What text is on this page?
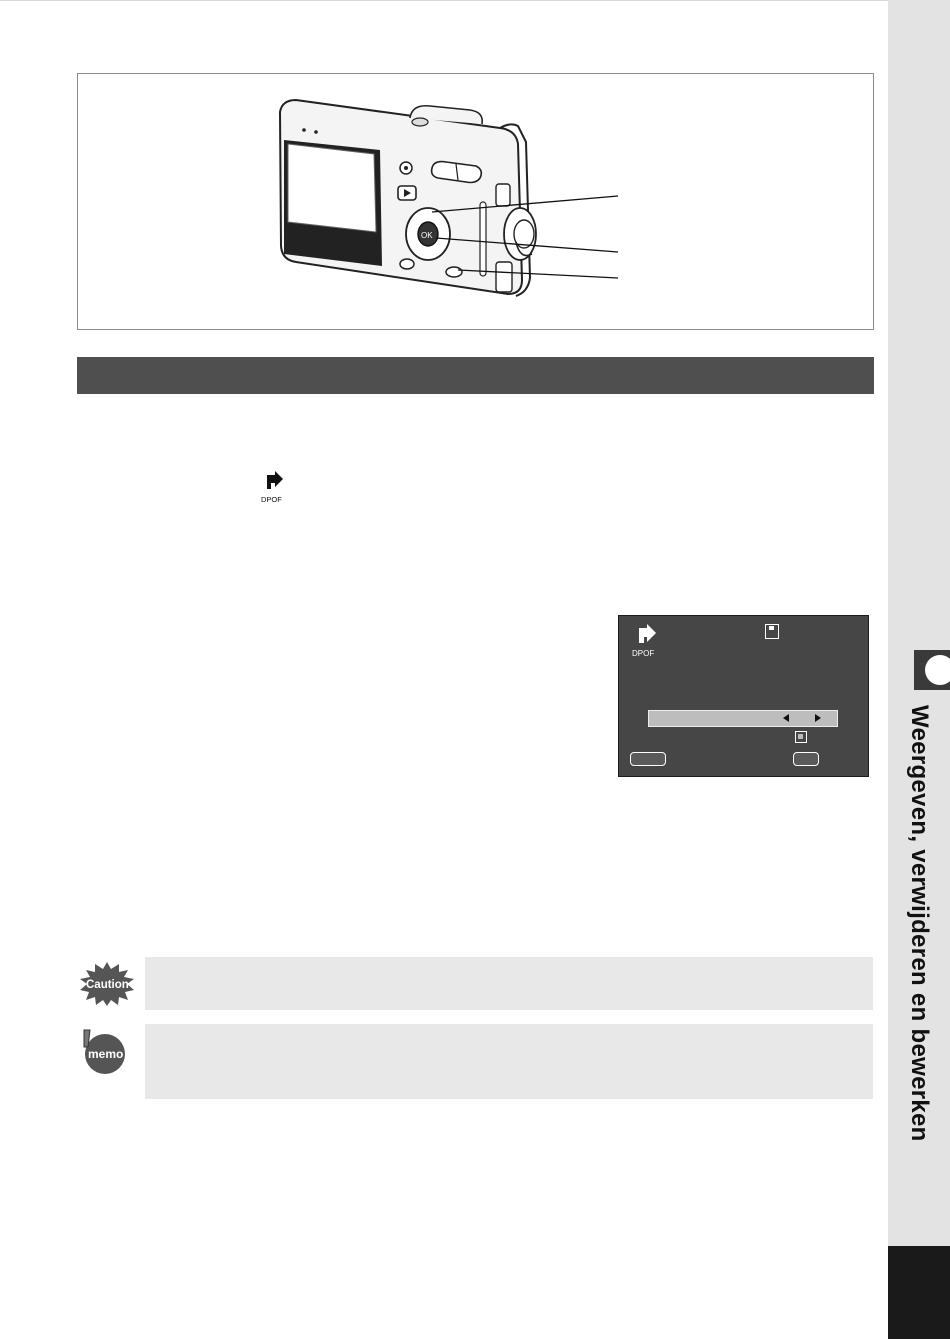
Weergeven, verwijderen en bewerken
OK
DPOF
DPOF
Caution
memo
